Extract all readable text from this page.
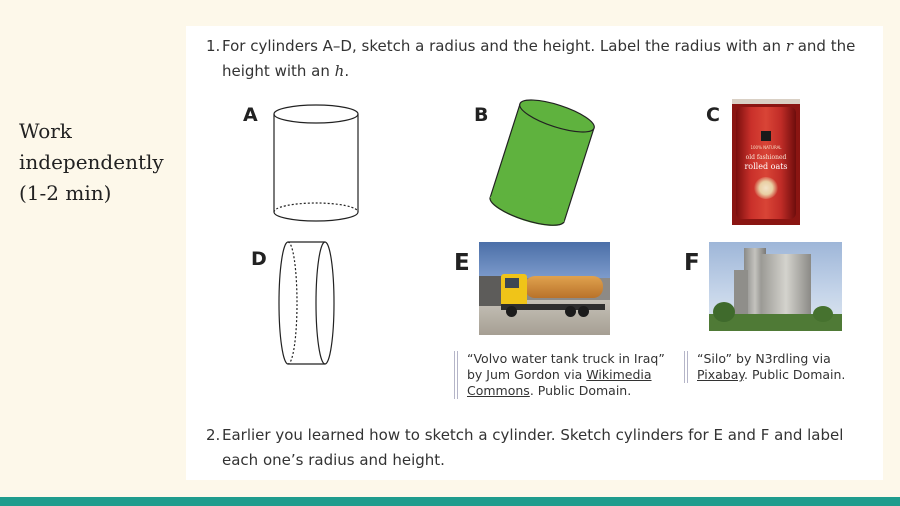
Work
independently
(1-2 min)
1. For cylinders A–D, sketch a radius and the height. Label the radius with an r and the height with an h.
A	B	C
100% NATURAL
old fashioned
rolled oats
D	E
“Volvo water tank truck in Iraq” by Jum Gordon via Wikimedia Commons. Public Domain.
F
“Silo” by N3rdling via Pixabay. Public Domain.
2. Earlier you learned how to sketch a cylinder. Sketch cylinders for E and F and label each one’s radius and height.
